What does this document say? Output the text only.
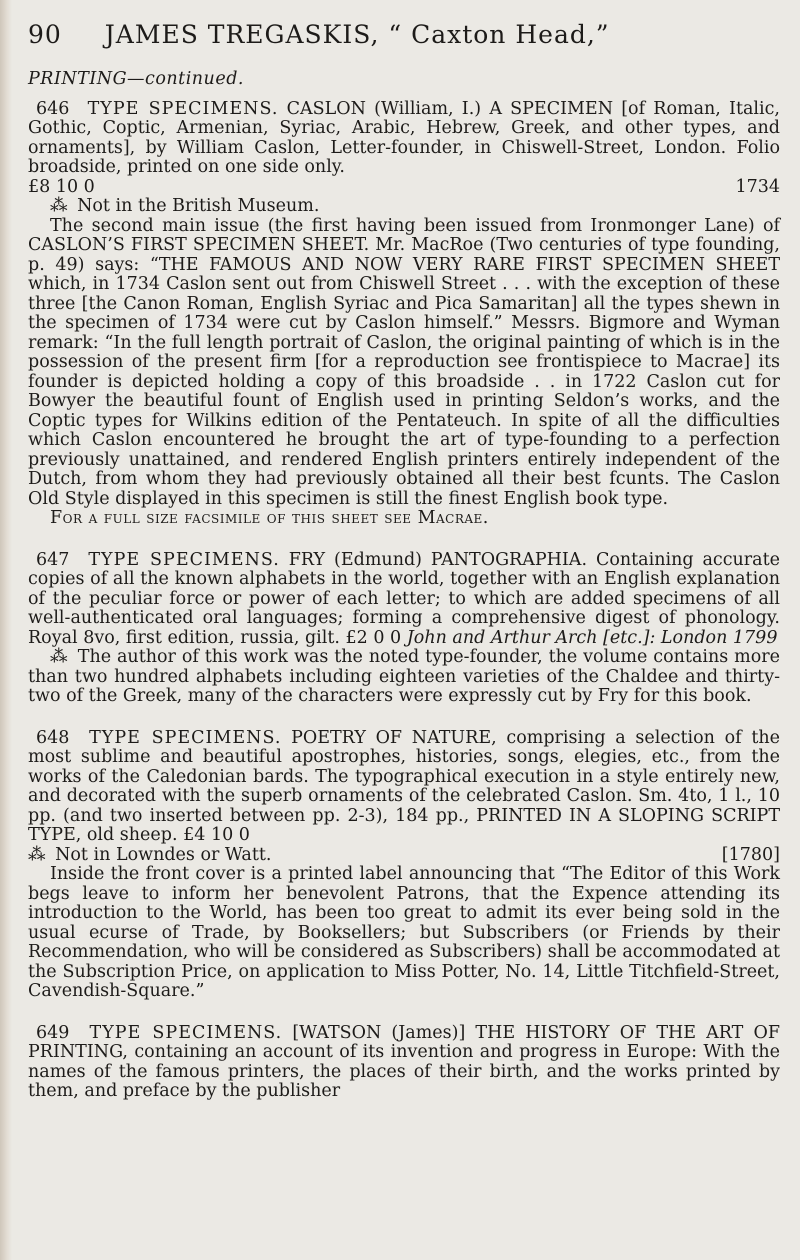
90 JAMES TREGASKIS, “ Caxton Head,”
PRINTING—continued.

646 TYPE SPECIMENS. CASLON (William, I.) A SPECIMEN [of Roman, Italic, Gothic, Coptic, Armenian, Syriac, Arabic, Hebrew, Greek, and other types, and ornaments], by William Caslon, Letter-founder, in Chiswell-Street, London. Folio broadside, printed on one side only.

£8 10 0	1734

⁂ Not in the British Museum.

The second main issue (the first having been issued from Ironmonger Lane) of CASLON’S FIRST SPECIMEN SHEET. Mr. MacRoe (Two centuries of type founding, p. 49) says: “THE FAMOUS AND NOW VERY RARE FIRST SPECIMEN SHEET which, in 1734 Caslon sent out from Chiswell Street . . . with the exception of these three [the Canon Roman, English Syriac and Pica Samaritan] all the types shewn in the specimen of 1734 were cut by Caslon himself.” Messrs. Bigmore and Wyman remark: “In the full length portrait of Caslon, the original painting of which is in the possession of the present firm [for a reproduction see frontispiece to Macrae] its founder is depicted holding a copy of this broadside . . in 1722 Caslon cut for Bowyer the beautiful fount of English used in printing Seldon’s works, and the Coptic types for Wilkins edition of the Pentateuch. In spite of all the difficulties which Caslon encountered he brought the art of type-founding to a perfection previously unattained, and rendered English printers entirely independent of the Dutch, from whom they had previously obtained all their best fcunts. The Caslon Old Style displayed in this specimen is still the finest English book type.

For a full size facsimile of this sheet see Macrae.

647 TYPE SPECIMENS. FRY (Edmund) PANTOGRAPHIA. Containing accurate copies of all the known alphabets in the world, together with an English explanation of the peculiar force or power of each letter; to which are added specimens of all well-authenticated oral languages; forming a comprehensive digest of phonology. Royal 8vo, first edition, russia, gilt. £2 0 0 John and Arthur Arch [etc.]: London 1799

⁂ The author of this work was the noted type-founder, the volume contains more than two hundred alphabets including eighteen varieties of the Chaldee and thirty-two of the Greek, many of the characters were expressly cut by Fry for this book.

648 TYPE SPECIMENS. POETRY OF NATURE, comprising a selection of the most sublime and beautiful apostrophes, histories, songs, elegies, etc., from the works of the Caledonian bards. The typographical execution in a style entirely new, and decorated with the superb ornaments of the celebrated Caslon. Sm. 4to, 1 l., 10 pp. (and two inserted between pp. 2-3), 184 pp., PRINTED IN A SLOPING SCRIPT TYPE, old sheep. £4 10 0

[1780]
⁂ Not in Lowndes or Watt.

Inside the front cover is a printed label announcing that “The Editor of this Work begs leave to inform her benevolent Patrons, that the Expence attending its introduction to the World, has been too great to admit its ever being sold in the usual ecurse of Trade, by Booksellers; but Subscribers (or Friends by their Recommendation, who will be considered as Subscribers) shall be accommodated at the Subscription Price, on application to Miss Potter, No. 14, Little Titchfield-Street, Cavendish-Square.”

649 TYPE SPECIMENS. [WATSON (James)] THE HISTORY OF THE ART OF PRINTING, containing an account of its invention and progress in Europe: With the names of the famous printers, the places of their birth, and the works printed by them, and preface by the publisher
